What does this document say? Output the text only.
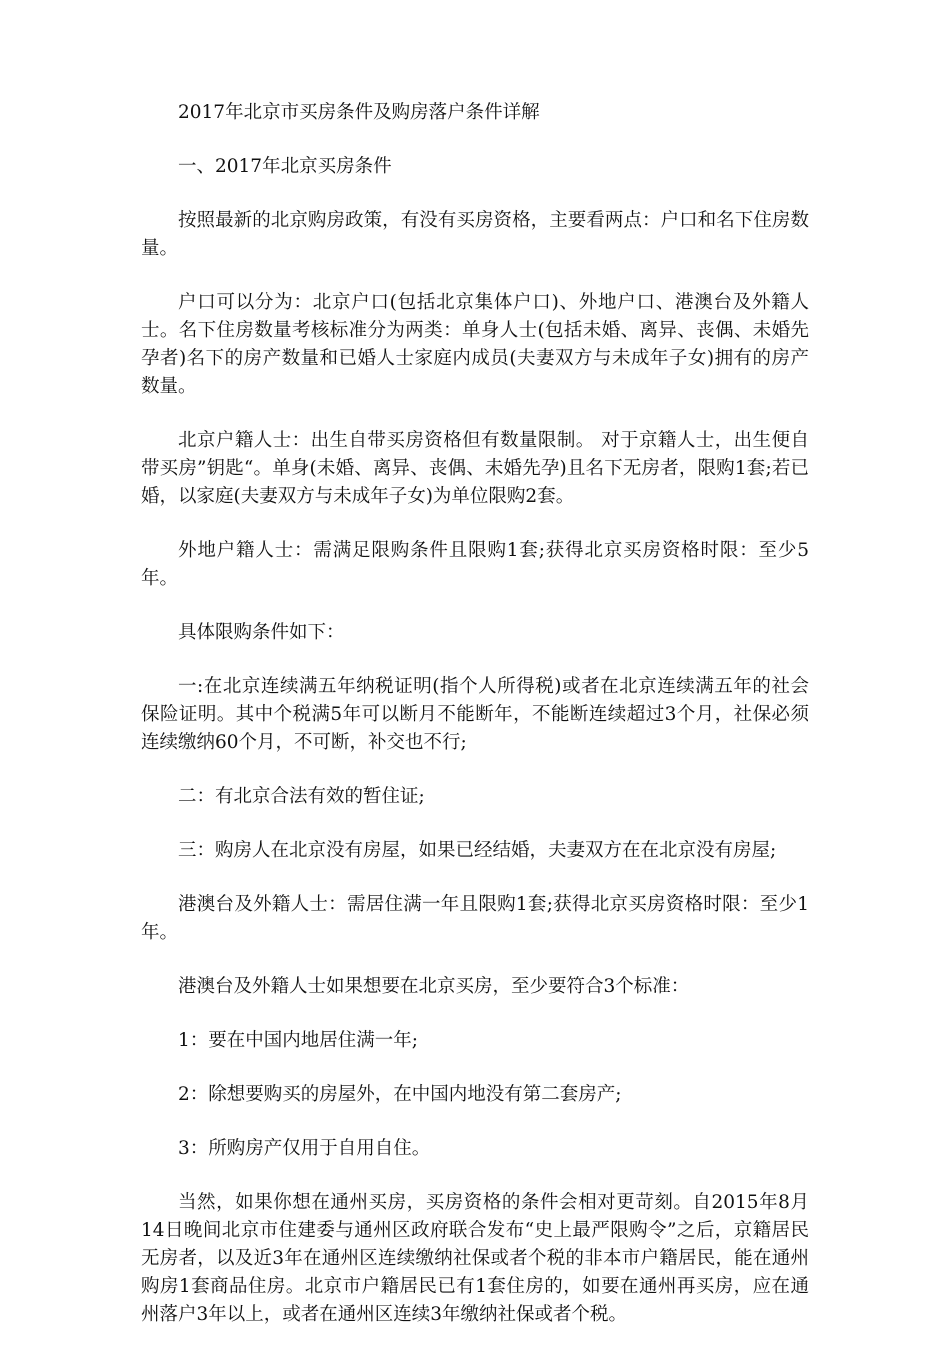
2017年北京市买房条件及购房落户条件详解

一、2017年北京买房条件

按照最新的北京购房政策，有没有买房资格，主要看两点：户口和名下住房数量。

户口可以分为：北京户口(包括北京集体户口)、外地户口、港澳台及外籍人士。名下住房数量考核标准分为两类：单身人士(包括未婚、离异、丧偶、未婚先孕者)名下的房产数量和已婚人士家庭内成员(夫妻双方与未成年子女)拥有的房产数量。

北京户籍人士：出生自带买房资格但有数量限制。 对于京籍人士，出生便自带买房”钥匙“。单身(未婚、离异、丧偶、未婚先孕)且名下无房者，限购1套;若已婚，以家庭(夫妻双方与未成年子女)为单位限购2套。

外地户籍人士：需满足限购条件且限购1套;获得北京买房资格时限：至少5年。

具体限购条件如下：

一:在北京连续满五年纳税证明(指个人所得税)或者在北京连续满五年的社会保险证明。其中个税满5年可以断月不能断年，不能断连续超过3个月，社保必须连续缴纳60个月，不可断，补交也不行;

二：有北京合法有效的暂住证;

三：购房人在北京没有房屋，如果已经结婚，夫妻双方在在北京没有房屋;

港澳台及外籍人士：需居住满一年且限购1套;获得北京买房资格时限：至少1年。

港澳台及外籍人士如果想要在北京买房，至少要符合3个标准：

1：要在中国内地居住满一年;

2：除想要购买的房屋外，在中国内地没有第二套房产;

3：所购房产仅用于自用自住。

当然，如果你想在通州买房，买房资格的条件会相对更苛刻。自2015年8月14日晚间北京市住建委与通州区政府联合发布“史上最严限购令”之后，京籍居民无房者，以及近3年在通州区连续缴纳社保或者个税的非本市户籍居民，能在通州购房1套商品住房。北京市户籍居民已有1套住房的，如要在通州再买房，应在通州落户3年以上，或者在通州区连续3年缴纳社保或者个税。
